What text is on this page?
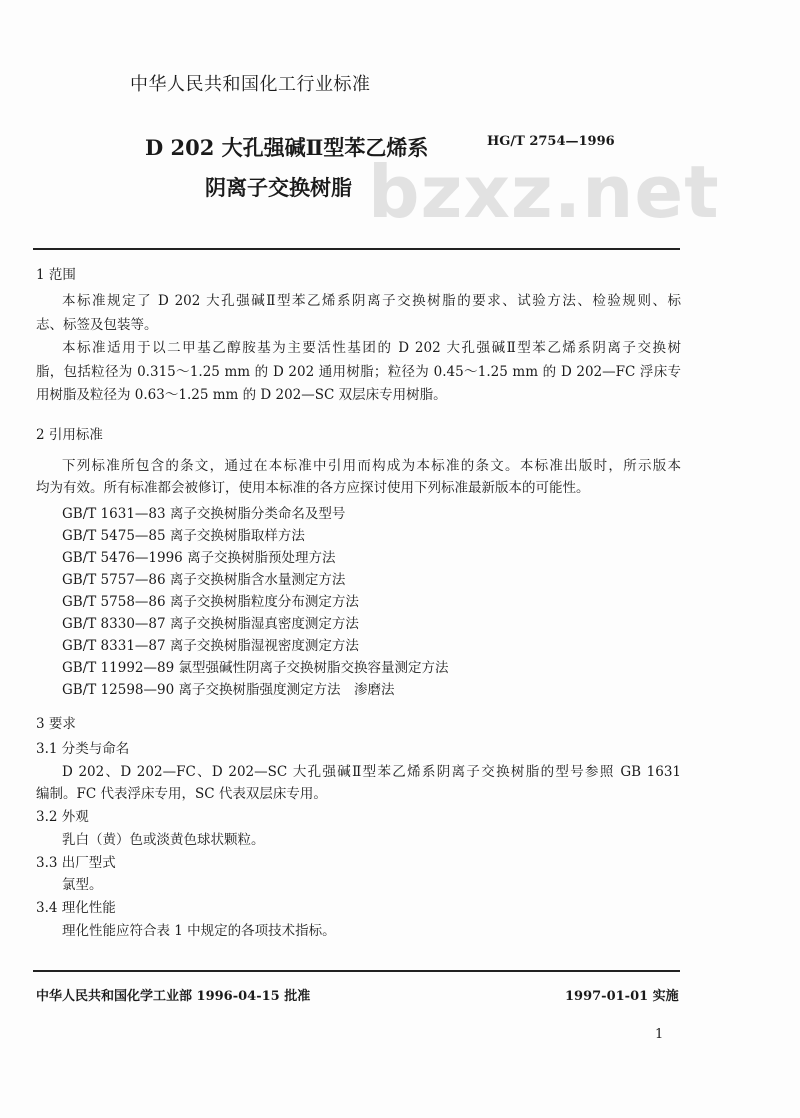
bzxz.net
中华人民共和国化工行业标准
D 202 大孔强碱Ⅱ型苯乙烯系
阴离子交换树脂
HG/T 2754—1996
1 范围
本标准规定了 D 202 大孔强碱Ⅱ型苯乙烯系阴离子交换树脂的要求、试验方法、检验规则、标
志、标签及包装等。
本标准适用于以二甲基乙醇胺基为主要活性基团的 D 202 大孔强碱Ⅱ型苯乙烯系阴离子交换树
脂，包括粒径为 0.315～1.25 mm 的 D 202 通用树脂；粒径为 0.45～1.25 mm 的 D 202—FC 浮床专
用树脂及粒径为 0.63～1.25 mm 的 D 202—SC 双层床专用树脂。
2 引用标准
下列标准所包含的条文，通过在本标准中引用而构成为本标准的条文。本标准出版时，所示版本
均为有效。所有标准都会被修订，使用本标准的各方应探讨使用下列标准最新版本的可能性。
GB/T 1631—83 离子交换树脂分类命名及型号
GB/T 5475—85 离子交换树脂取样方法
GB/T 5476—1996 离子交换树脂预处理方法
GB/T 5757—86 离子交换树脂含水量测定方法
GB/T 5758—86 离子交换树脂粒度分布测定方法
GB/T 8330—87 离子交换树脂湿真密度测定方法
GB/T 8331—87 离子交换树脂湿视密度测定方法
GB/T 11992—89 氯型强碱性阴离子交换树脂交换容量测定方法
GB/T 12598—90 离子交换树脂强度测定方法　渗磨法
3 要求
3.1 分类与命名
D 202、D 202—FC、D 202—SC 大孔强碱Ⅱ型苯乙烯系阴离子交换树脂的型号参照 GB 1631
编制。FC 代表浮床专用，SC 代表双层床专用。
3.2 外观
乳白（黄）色或淡黄色球状颗粒。
3.3 出厂型式
氯型。
3.4 理化性能
理化性能应符合表 1 中规定的各项技术指标。
中华人民共和国化学工业部 1996-04-15 批准	1997-01-01 实施
1
